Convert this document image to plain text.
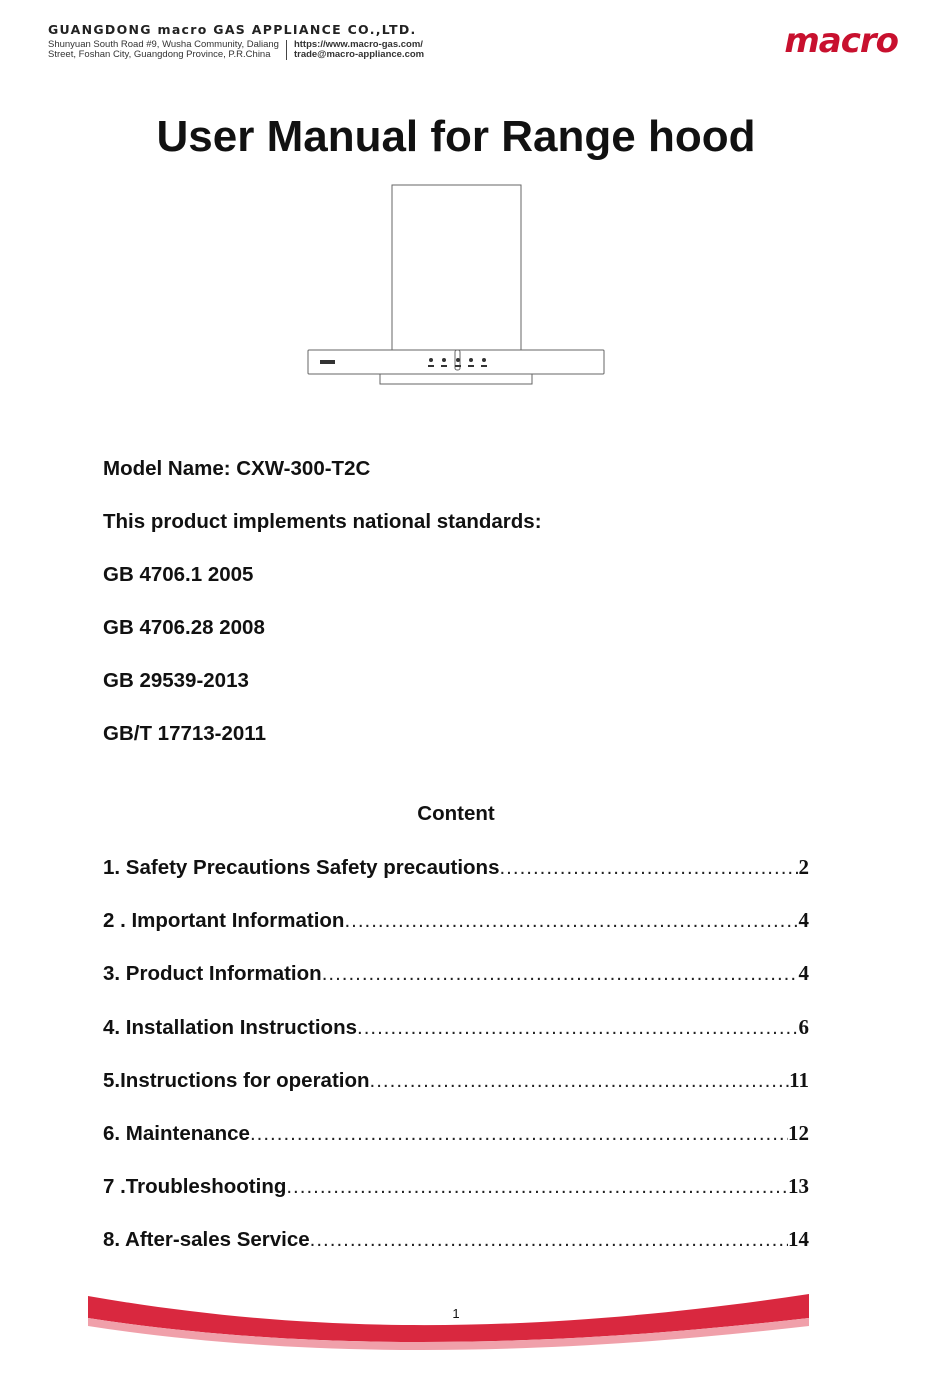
GUANGDONG macro GAS APPLIANCE CO.,LTD.
Shunyuan South Road #9, Wusha Community, Daliang
Street, Foshan City, Guangdong Province, P.R.China
https://www.macro-gas.com/
trade@macro-appliance.com	macro
User Manual for Range hood
Model Name: CXW-300-T2C
This product implements national standards:
GB 4706.1 2005
GB 4706.28 2008
GB 29539-2013
GB/T 17713-2011
Content
1. Safety Precautions Safety precautions .....	2
2 . Important Information .....	4
3. Product Information .....	4
4. Installation Instructions .....	6
5.Instructions for operation .....	11
6. Maintenance .....	12
7 .Troubleshooting .....	13
8. After-sales Service .....	14
1
